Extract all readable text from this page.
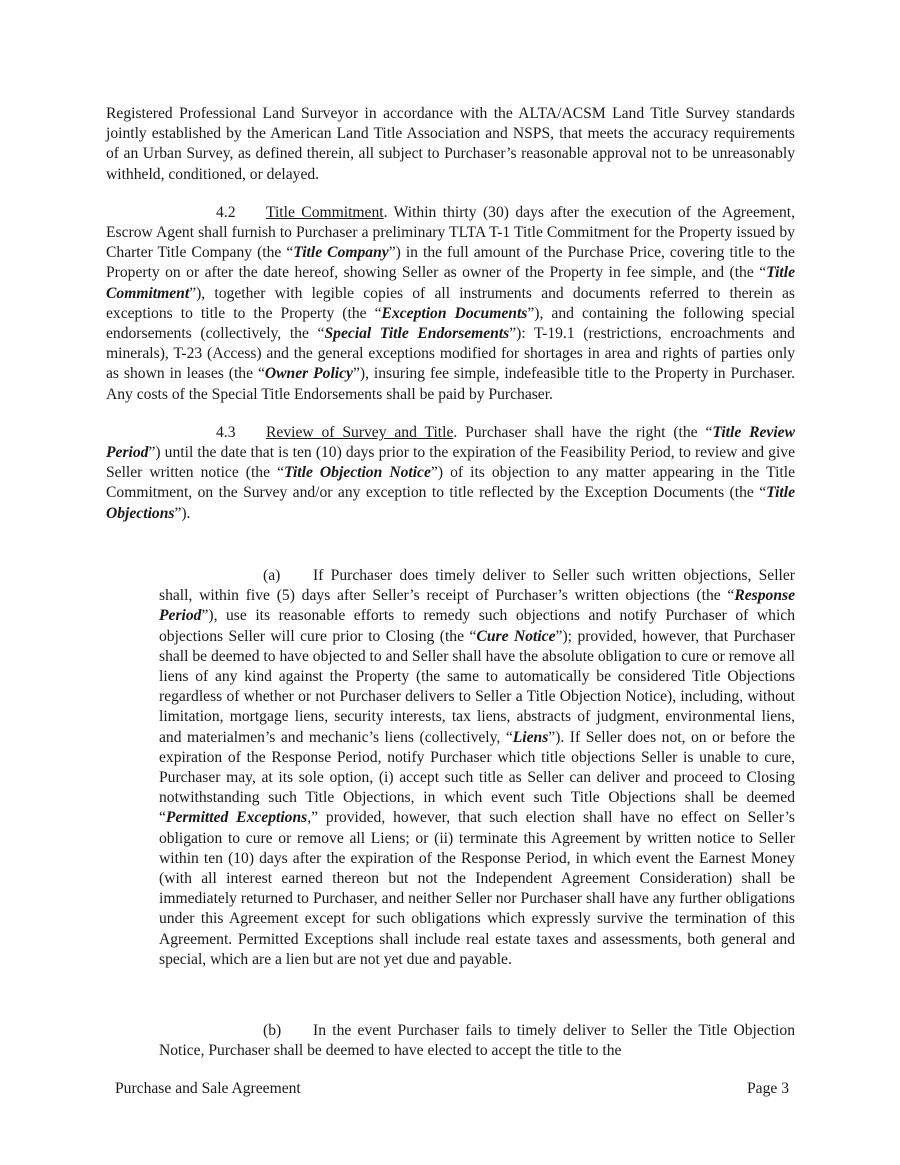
Registered Professional Land Surveyor in accordance with the ALTA/ACSM Land Title Survey standards jointly established by the American Land Title Association and NSPS, that meets the accuracy requirements of an Urban Survey, as defined therein, all subject to Purchaser’s reasonable approval not to be unreasonably withheld, conditioned, or delayed.

4.2 Title Commitment. Within thirty (30) days after the execution of the Agreement, Escrow Agent shall furnish to Purchaser a preliminary TLTA T-1 Title Commitment for the Property issued by Charter Title Company (the “Title Company”) in the full amount of the Purchase Price, covering title to the Property on or after the date hereof, showing Seller as owner of the Property in fee simple, and (the “Title Commitment”), together with legible copies of all instruments and documents referred to therein as exceptions to title to the Property (the “Exception Documents”), and containing the following special endorsements (collectively, the “Special Title Endorsements”): T-19.1 (restrictions, encroachments and minerals), T-23 (Access) and the general exceptions modified for shortages in area and rights of parties only as shown in leases (the “Owner Policy”), insuring fee simple, indefeasible title to the Property in Purchaser. Any costs of the Special Title Endorsements shall be paid by Purchaser.

4.3 Review of Survey and Title. Purchaser shall have the right (the “Title Review Period”) until the date that is ten (10) days prior to the expiration of the Feasibility Period, to review and give Seller written notice (the “Title Objection Notice”) of its objection to any matter appearing in the Title Commitment, on the Survey and/or any exception to title reflected by the Exception Documents (the “Title Objections”).

(a) If Purchaser does timely deliver to Seller such written objections, Seller shall, within five (5) days after Seller’s receipt of Purchaser’s written objections (the “Response Period”), use its reasonable efforts to remedy such objections and notify Purchaser of which objections Seller will cure prior to Closing (the “Cure Notice”); provided, however, that Purchaser shall be deemed to have objected to and Seller shall have the absolute obligation to cure or remove all liens of any kind against the Property (the same to automatically be considered Title Objections regardless of whether or not Purchaser delivers to Seller a Title Objection Notice), including, without limitation, mortgage liens, security interests, tax liens, abstracts of judgment, environmental liens, and materialmen’s and mechanic’s liens (collectively, “Liens”). If Seller does not, on or before the expiration of the Response Period, notify Purchaser which title objections Seller is unable to cure, Purchaser may, at its sole option, (i) accept such title as Seller can deliver and proceed to Closing notwithstanding such Title Objections, in which event such Title Objections shall be deemed “Permitted Exceptions,” provided, however, that such election shall have no effect on Seller’s obligation to cure or remove all Liens; or (ii) terminate this Agreement by written notice to Seller within ten (10) days after the expiration of the Response Period, in which event the Earnest Money (with all interest earned thereon but not the Independent Agreement Consideration) shall be immediately returned to Purchaser, and neither Seller nor Purchaser shall have any further obligations under this Agreement except for such obligations which expressly survive the termination of this Agreement. Permitted Exceptions shall include real estate taxes and assessments, both general and special, which are a lien but are not yet due and payable.

(b) In the event Purchaser fails to timely deliver to Seller the Title Objection Notice, Purchaser shall be deemed to have elected to accept the title to the

Purchase and Sale Agreement	Page 3
